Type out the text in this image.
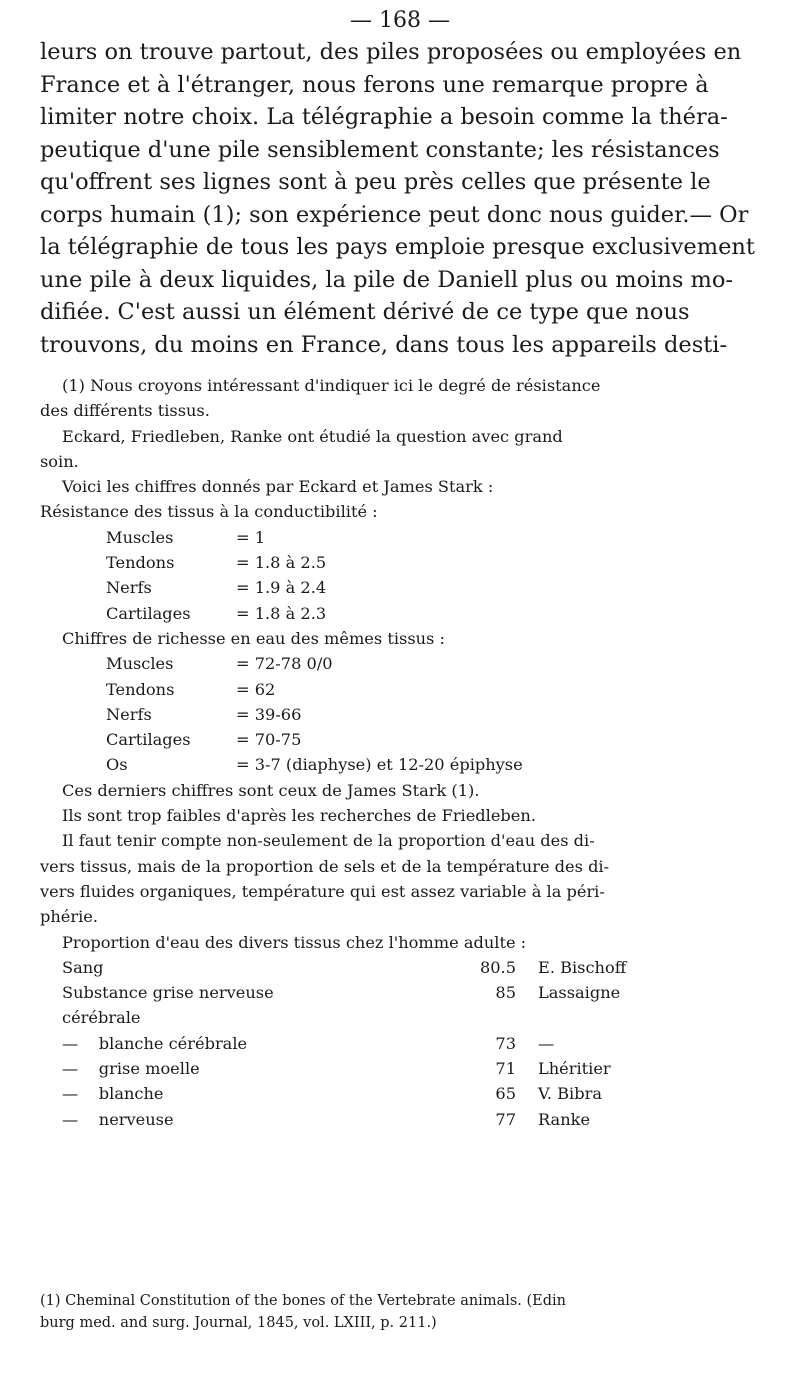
— 168 —

leurs on trouve partout, des piles proposées ou employées en

France et à l'étranger, nous ferons une remarque propre à

limiter notre choix. La télégraphie a besoin comme la théra-

peutique d'une pile sensiblement constante; les résistances

qu'offrent ses lignes sont à peu près celles que présente le

corps humain (1); son expérience peut donc nous guider.— Or

la télégraphie de tous les pays emploie presque exclusivement

une pile à deux liquides, la pile de Daniell plus ou moins mo-

difiée. C'est aussi un élément dérivé de ce type que nous

trouvons, du moins en France, dans tous les appareils desti-

(1) Nous croyons intéressant d'indiquer ici le degré de résistance
des différents tissus.
Eckard, Friedleben, Ranke ont étudié la question avec grand
soin.
Voici les chiffres donnés par Eckard et James Stark :
Résistance des tissus à la conductibilité :
Muscles	= 1
Tendons	= 1.8 à 2.5
Nerfs	= 1.9 à 2.4
Cartilages	= 1.8 à 2.3
Chiffres de richesse en eau des mêmes tissus :
Muscles	= 72-78 0/0
Tendons	= 62
Nerfs	= 39-66
Cartilages	= 70-75
Os	= 3-7 (diaphyse) et 12-20 épiphyse
Ces derniers chiffres sont ceux de James Stark (1).
Ils sont trop faibles d'après les recherches de Friedleben.
Il faut tenir compte non-seulement de la proportion d'eau des di-
vers tissus, mais de la proportion de sels et de la température des di-
vers fluides organiques, température qui est assez variable à la péri-
phérie.
Proportion d'eau des divers tissus chez l'homme adulte :
Sang		80.5	E. Bischoff
Substance grise nerveuse cérébrale		85	Lassaigne
— blanche cérébrale		73	—
— grise moelle		71	Lhéritier
— blanche		65	V. Bibra
— nerveuse		77	Ranke
(1) Cheminal Constitution of the bones of the Vertebrate animals. (Edin
burg med. and surg. Journal, 1845, vol. LXIII, p. 211.)
